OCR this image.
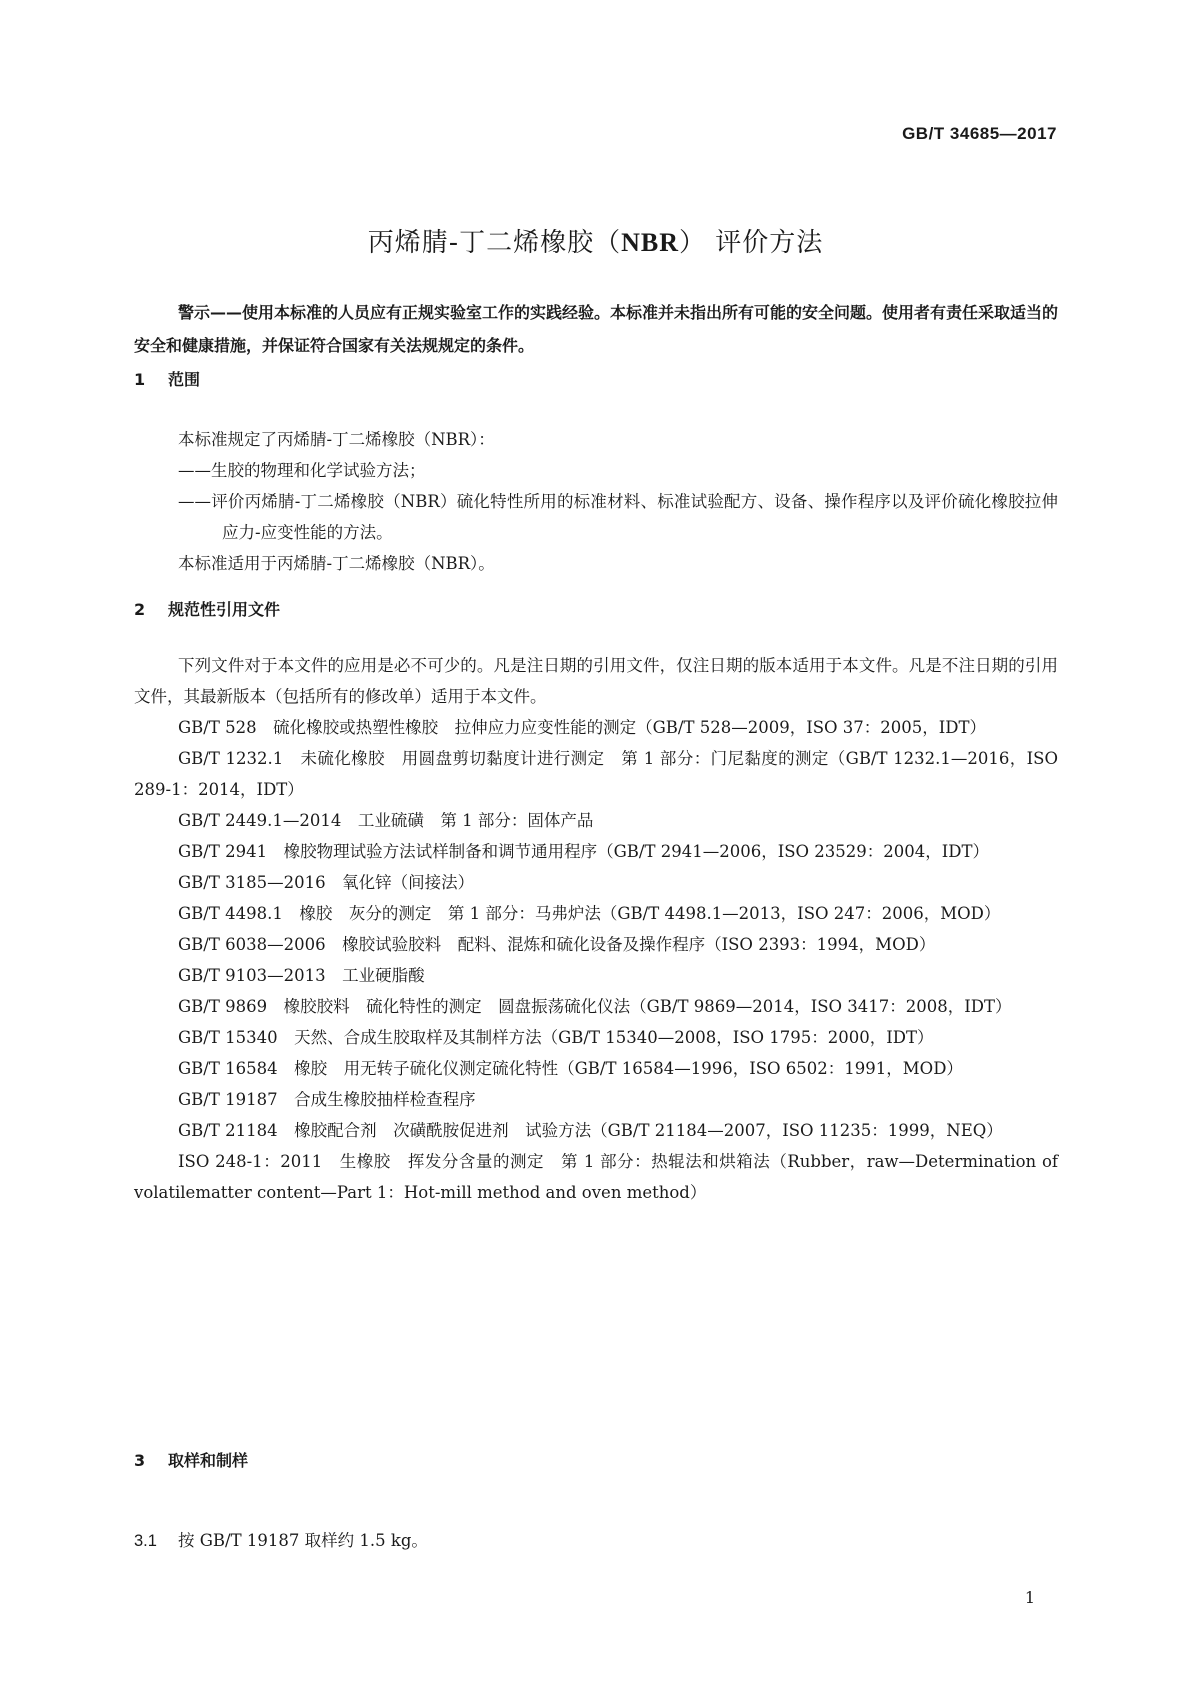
GB/T 34685—2017
丙烯腈-丁二烯橡胶（NBR） 评价方法
警示——使用本标准的人员应有正规实验室工作的实践经验。本标准并未指出所有可能的安全问题。使用者有责任采取适当的安全和健康措施，并保证符合国家有关法规规定的条件。
1 范围

本标准规定了丙烯腈-丁二烯橡胶（NBR）：

——生胶的物理和化学试验方法；

——评价丙烯腈-丁二烯橡胶（NBR）硫化特性所用的标准材料、标准试验配方、设备、操作程序以及评价硫化橡胶拉伸应力-应变性能的方法。

本标准适用于丙烯腈-丁二烯橡胶（NBR）。

2 规范性引用文件

下列文件对于本文件的应用是必不可少的。凡是注日期的引用文件，仅注日期的版本适用于本文件。凡是不注日期的引用文件，其最新版本（包括所有的修改单）适用于本文件。

GB/T 528　硫化橡胶或热塑性橡胶　拉伸应力应变性能的测定（GB/T 528—2009，ISO 37：2005，IDT）

GB/T 1232.1　未硫化橡胶　用圆盘剪切黏度计进行测定　第 1 部分：门尼黏度的测定（GB/T 1232.1—2016，ISO 289-1：2014，IDT）

GB/T 2449.1—2014　工业硫磺　第 1 部分：固体产品

GB/T 2941　橡胶物理试验方法试样制备和调节通用程序（GB/T 2941—2006，ISO 23529：2004，IDT）

GB/T 3185—2016　氧化锌（间接法）

GB/T 4498.1　橡胶　灰分的测定　第 1 部分：马弗炉法（GB/T 4498.1—2013，ISO 247：2006，MOD）

GB/T 6038—2006　橡胶试验胶料　配料、混炼和硫化设备及操作程序（ISO 2393：1994，MOD）

GB/T 9103—2013　工业硬脂酸

GB/T 9869　橡胶胶料　硫化特性的测定　圆盘振荡硫化仪法（GB/T 9869—2014，ISO 3417：2008，IDT）

GB/T 15340　天然、合成生胶取样及其制样方法（GB/T 15340—2008，ISO 1795：2000，IDT）

GB/T 16584　橡胶　用无转子硫化仪测定硫化特性（GB/T 16584—1996，ISO 6502：1991，MOD）

GB/T 19187　合成生橡胶抽样检查程序

GB/T 21184　橡胶配合剂　次磺酰胺促进剂　试验方法（GB/T 21184—2007，ISO 11235：1999，NEQ）

ISO 248-1：2011　生橡胶　挥发分含量的测定　第 1 部分：热辊法和烘箱法（Rubber，raw—Determination of volatilematter content—Part 1：Hot-mill method and oven method）

3 取样和制样
3.1 按 GB/T 19187 取样约 1.5 kg。
1
